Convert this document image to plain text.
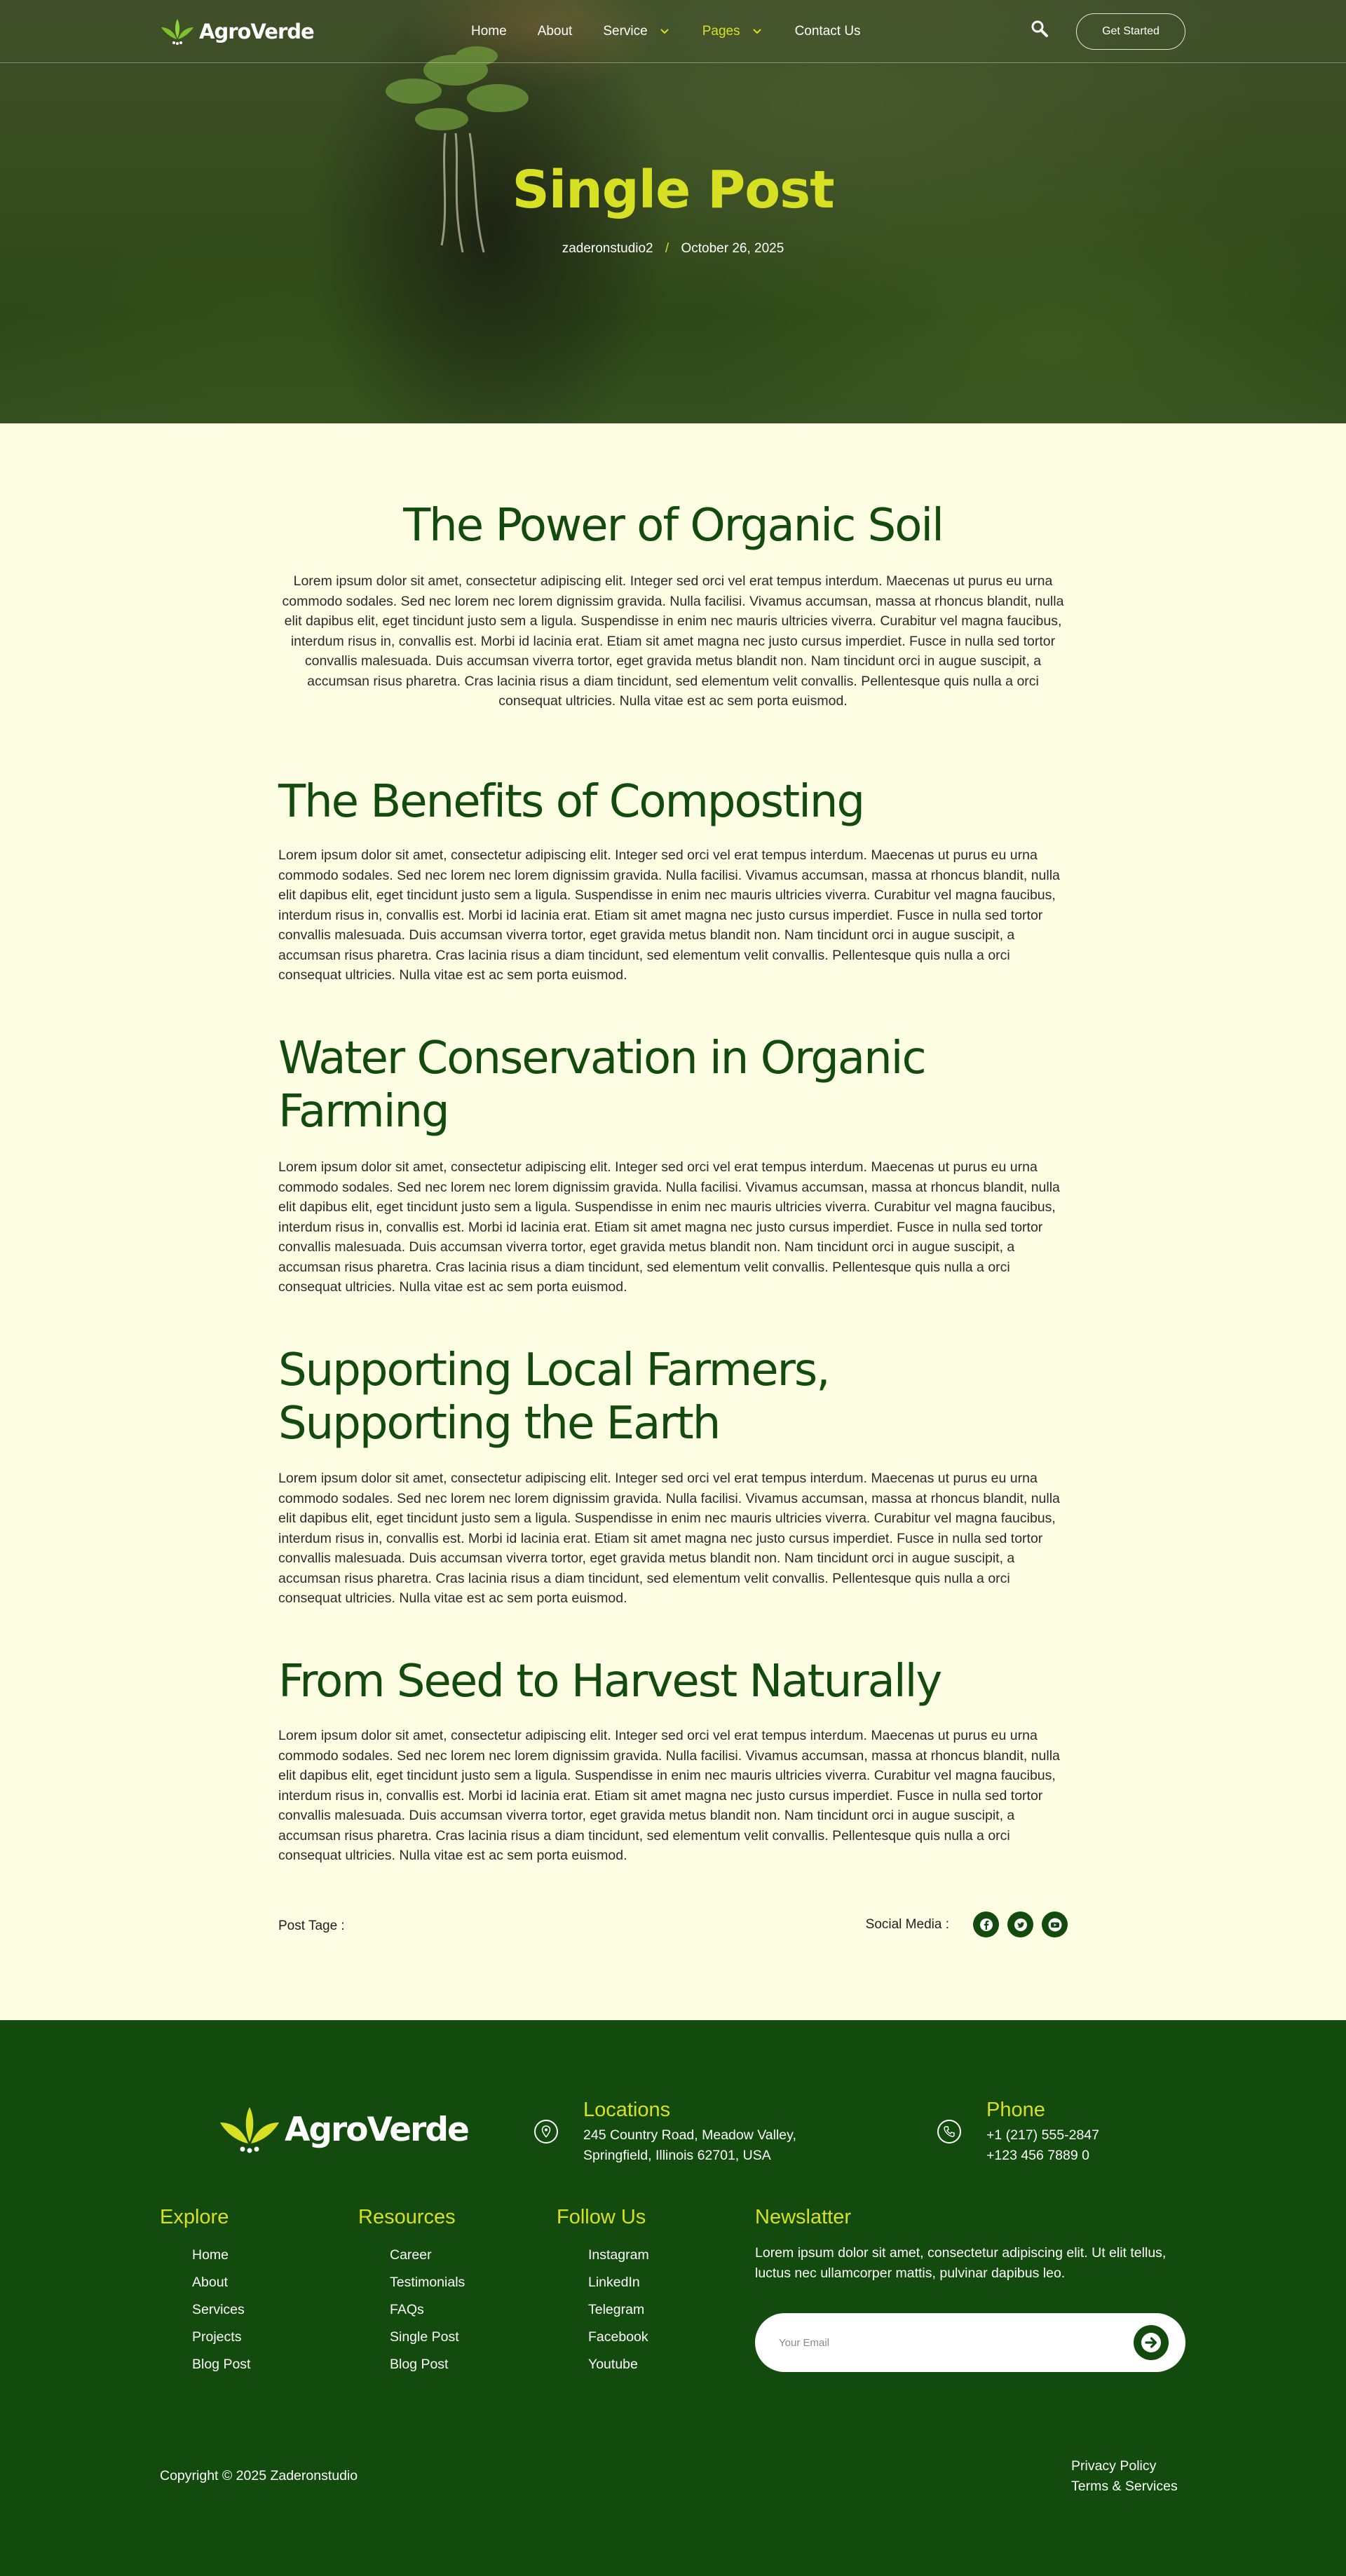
AgroVerde	Home About Service	Pages	Contact Us	Get Started
Single Post
zaderonstudio2 / October 26, 2025
The Power of Organic Soil

Lorem ipsum dolor sit amet, consectetur adipiscing elit. Integer sed orci vel erat tempus interdum. Maecenas ut purus eu urna commodo sodales. Sed nec lorem nec lorem dignissim gravida. Nulla facilisi. Vivamus accumsan, massa at rhoncus blandit, nulla elit dapibus elit, eget tincidunt justo sem a ligula. Suspendisse in enim nec mauris ultricies viverra. Curabitur vel magna faucibus, interdum risus in, convallis est. Morbi id lacinia erat. Etiam sit amet magna nec justo cursus imperdiet. Fusce in nulla sed tortor convallis malesuada. Duis accumsan viverra tortor, eget gravida metus blandit non. Nam tincidunt orci in augue suscipit, a accumsan risus pharetra. Cras lacinia risus a diam tincidunt, sed elementum velit convallis. Pellentesque quis nulla a orci consequat ultricies. Nulla vitae est ac sem porta euismod.

The Benefits of Composting

Lorem ipsum dolor sit amet, consectetur adipiscing elit. Integer sed orci vel erat tempus interdum. Maecenas ut purus eu urna commodo sodales. Sed nec lorem nec lorem dignissim gravida. Nulla facilisi. Vivamus accumsan, massa at rhoncus blandit, nulla elit dapibus elit, eget tincidunt justo sem a ligula. Suspendisse in enim nec mauris ultricies viverra. Curabitur vel magna faucibus, interdum risus in, convallis est. Morbi id lacinia erat. Etiam sit amet magna nec justo cursus imperdiet. Fusce in nulla sed tortor convallis malesuada. Duis accumsan viverra tortor, eget gravida metus blandit non. Nam tincidunt orci in augue suscipit, a accumsan risus pharetra. Cras lacinia risus a diam tincidunt, sed elementum velit convallis. Pellentesque quis nulla a orci consequat ultricies. Nulla vitae est ac sem porta euismod.

Water Conservation in Organic Farming

Lorem ipsum dolor sit amet, consectetur adipiscing elit. Integer sed orci vel erat tempus interdum. Maecenas ut purus eu urna commodo sodales. Sed nec lorem nec lorem dignissim gravida. Nulla facilisi. Vivamus accumsan, massa at rhoncus blandit, nulla elit dapibus elit, eget tincidunt justo sem a ligula. Suspendisse in enim nec mauris ultricies viverra. Curabitur vel magna faucibus, interdum risus in, convallis est. Morbi id lacinia erat. Etiam sit amet magna nec justo cursus imperdiet. Fusce in nulla sed tortor convallis malesuada. Duis accumsan viverra tortor, eget gravida metus blandit non. Nam tincidunt orci in augue suscipit, a accumsan risus pharetra. Cras lacinia risus a diam tincidunt, sed elementum velit convallis. Pellentesque quis nulla a orci consequat ultricies. Nulla vitae est ac sem porta euismod.

Supporting Local Farmers, Supporting the Earth

Lorem ipsum dolor sit amet, consectetur adipiscing elit. Integer sed orci vel erat tempus interdum. Maecenas ut purus eu urna commodo sodales. Sed nec lorem nec lorem dignissim gravida. Nulla facilisi. Vivamus accumsan, massa at rhoncus blandit, nulla elit dapibus elit, eget tincidunt justo sem a ligula. Suspendisse in enim nec mauris ultricies viverra. Curabitur vel magna faucibus, interdum risus in, convallis est. Morbi id lacinia erat. Etiam sit amet magna nec justo cursus imperdiet. Fusce in nulla sed tortor convallis malesuada. Duis accumsan viverra tortor, eget gravida metus blandit non. Nam tincidunt orci in augue suscipit, a accumsan risus pharetra. Cras lacinia risus a diam tincidunt, sed elementum velit convallis. Pellentesque quis nulla a orci consequat ultricies. Nulla vitae est ac sem porta euismod.

From Seed to Harvest Naturally

Lorem ipsum dolor sit amet, consectetur adipiscing elit. Integer sed orci vel erat tempus interdum. Maecenas ut purus eu urna commodo sodales. Sed nec lorem nec lorem dignissim gravida. Nulla facilisi. Vivamus accumsan, massa at rhoncus blandit, nulla elit dapibus elit, eget tincidunt justo sem a ligula. Suspendisse in enim nec mauris ultricies viverra. Curabitur vel magna faucibus, interdum risus in, convallis est. Morbi id lacinia erat. Etiam sit amet magna nec justo cursus imperdiet. Fusce in nulla sed tortor convallis malesuada. Duis accumsan viverra tortor, eget gravida metus blandit non. Nam tincidunt orci in augue suscipit, a accumsan risus pharetra. Cras lacinia risus a diam tincidunt, sed elementum velit convallis. Pellentesque quis nulla a orci consequat ultricies. Nulla vitae est ac sem porta euismod.

Post Tage :	Social Media :
AgroVerde
Locations
245 Country Road, Meadow Valley,
Springfield, Illinois 62701, USA
Phone
+1 (217) 555-2847
+123 456 7889 0
Explore
Home
About
Services
Projects
Blog Post
Resources
Career
Testimonials
FAQs
Single Post
Blog Post
Follow Us
Instagram
LinkedIn
Telegram
Facebook
Youtube
Newslatter

Lorem ipsum dolor sit amet, consectetur adipiscing elit. Ut elit tellus, luctus nec ullamcorper mattis, pulvinar dapibus leo.

Your Email
Copyright © 2025 Zaderonstudio
Privacy Policy
Terms & Services
